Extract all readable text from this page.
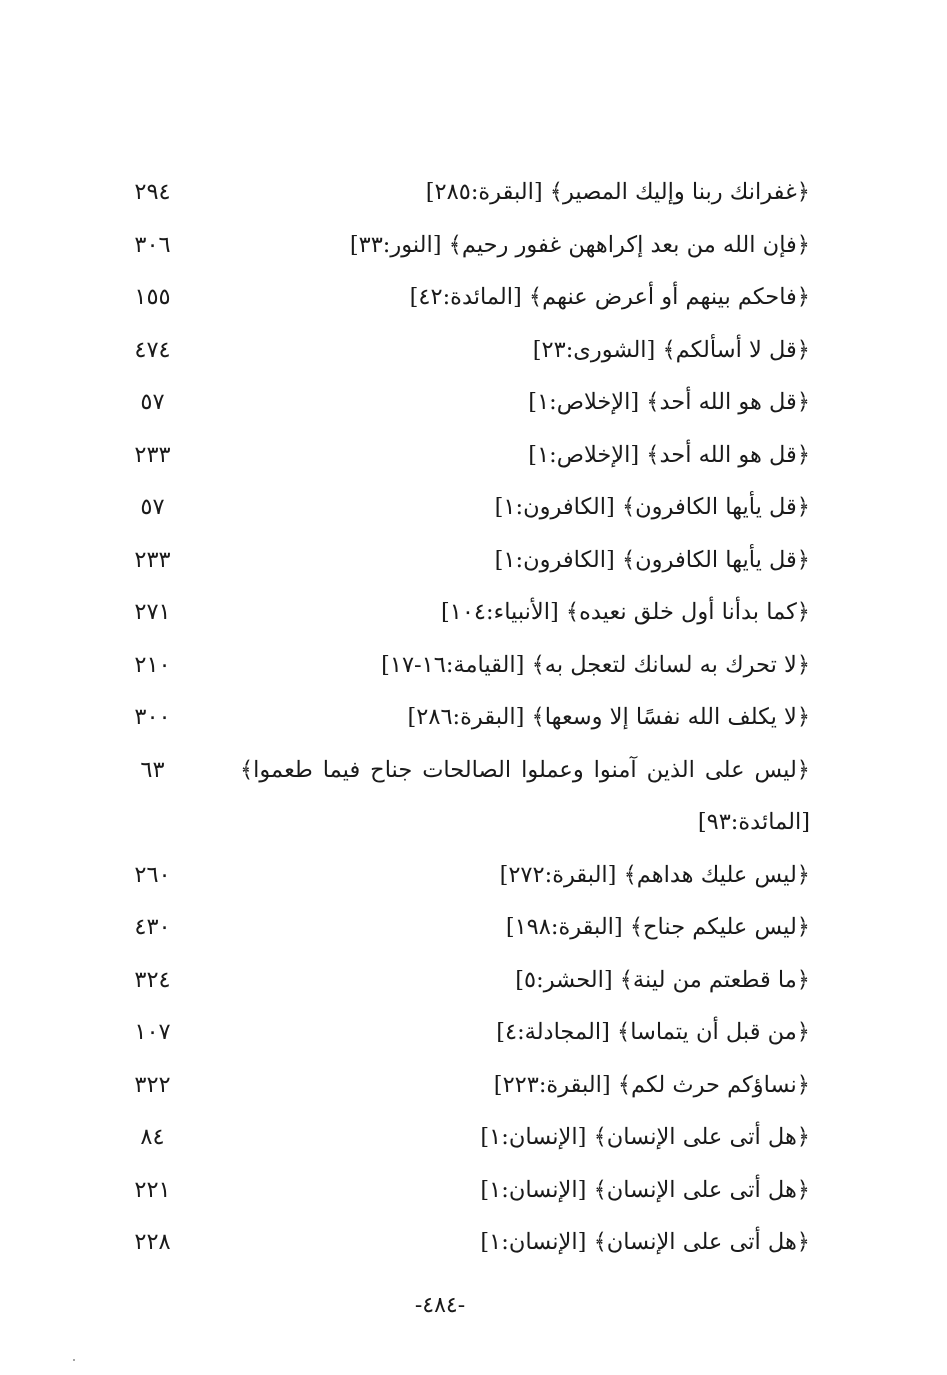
﴿غفرانك ربنا وإليك المصير﴾ [البقرة:٢٨٥]
٢٩٤
﴿فإن الله من بعد إكراههن غفور رحيم﴾ [النور:٣٣]
٣٠٦
﴿فاحكم بينهم أو أعرض عنهم﴾ [المائدة:٤٢]
١٥٥
﴿قل لا أسألكم﴾ [الشورى:٢٣]
٤٧٤
﴿قل هو الله أحد﴾ [الإخلاص:١]
٥٧
﴿قل هو الله أحد﴾ [الإخلاص:١]
٢٣٣
﴿قل يأيها الكافرون﴾ [الكافرون:١]
٥٧
﴿قل يأيها الكافرون﴾ [الكافرون:١]
٢٣٣
﴿كما بدأنا أول خلق نعيده﴾ [الأنبياء:١٠٤]
٢٧١
﴿لا تحرك به لسانك لتعجل به﴾ [القيامة:١٦-١٧]
٢١٠
﴿لا يكلف الله نفسًا إلا وسعها﴾ [البقرة:٢٨٦]
٣٠٠
﴿ليس على الذين آمنوا وعملوا الصالحات جناح فيما طعموا﴾ [المائدة:٩٣]
٦٣
﴿ليس عليك هداهم﴾ [البقرة:٢٧٢]
٢٦٠
﴿ليس عليكم جناح﴾ [البقرة:١٩٨]
٤٣٠
﴿ما قطعتم من لينة﴾ [الحشر:٥]
٣٢٤
﴿من قبل أن يتماسا﴾ [المجادلة:٤]
١٠٧
﴿نساؤكم حرث لكم﴾ [البقرة:٢٢٣]
٣٢٢
﴿هل أتى على الإنسان﴾ [الإنسان:١]
٨٤
﴿هل أتى على الإنسان﴾ [الإنسان:١]
٢٢١
﴿هل أتى على الإنسان﴾ [الإنسان:١]
٢٢٨
-٤٨٤-
